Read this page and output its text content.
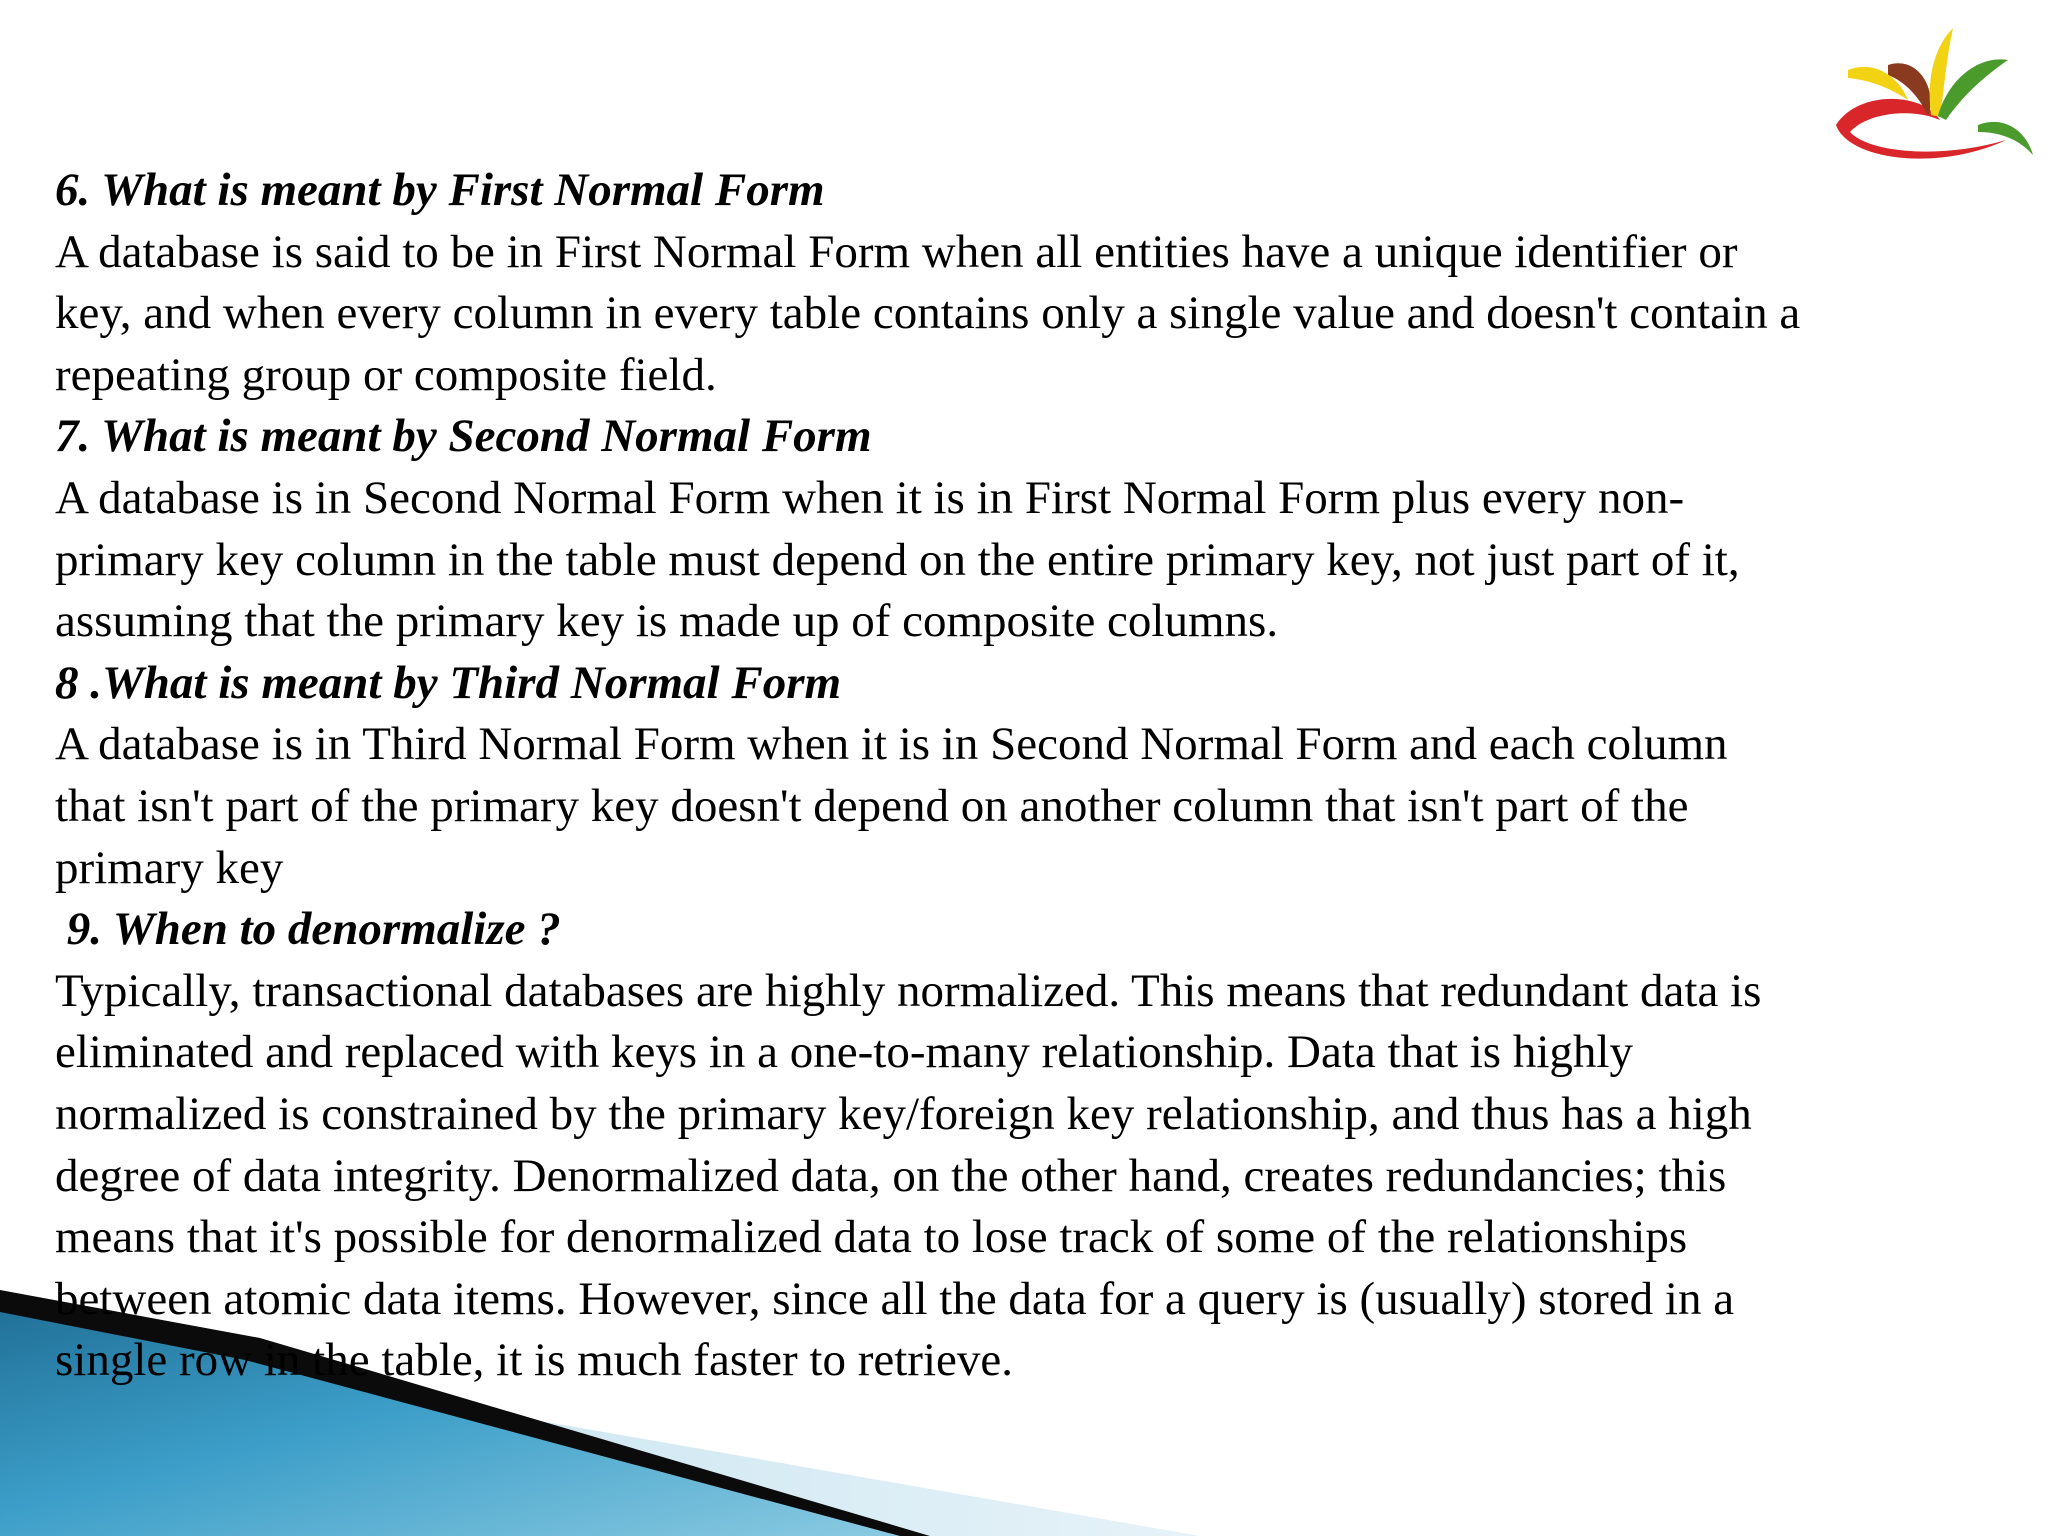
6. What is meant by First Normal Form

A database is said to be in First Normal Form when all entities have a unique identifier or

key, and when every column in every table contains only a single value and doesn't contain a

repeating group or composite field.

7. What is meant by Second Normal Form

A database is in Second Normal Form when it is in First Normal Form plus every non-

primary key column in the table must depend on the entire primary key, not just part of it,

assuming that the primary key is made up of composite columns.

8 .What is meant by Third Normal Form

A database is in Third Normal Form when it is in Second Normal Form and each column

that isn't part of the primary key doesn't depend on another column that isn't part of the

primary key

9. When to denormalize ?

Typically, transactional databases are highly normalized. This means that redundant data is

eliminated and replaced with keys in a one-to-many relationship. Data that is highly

normalized is constrained by the primary key/foreign key relationship, and thus has a high

degree of data integrity. Denormalized data, on the other hand, creates redundancies; this

means that it's possible for denormalized data to lose track of some of the relationships

between atomic data items. However, since all the data for a query is (usually) stored in a

single row in the table, it is much faster to retrieve.
